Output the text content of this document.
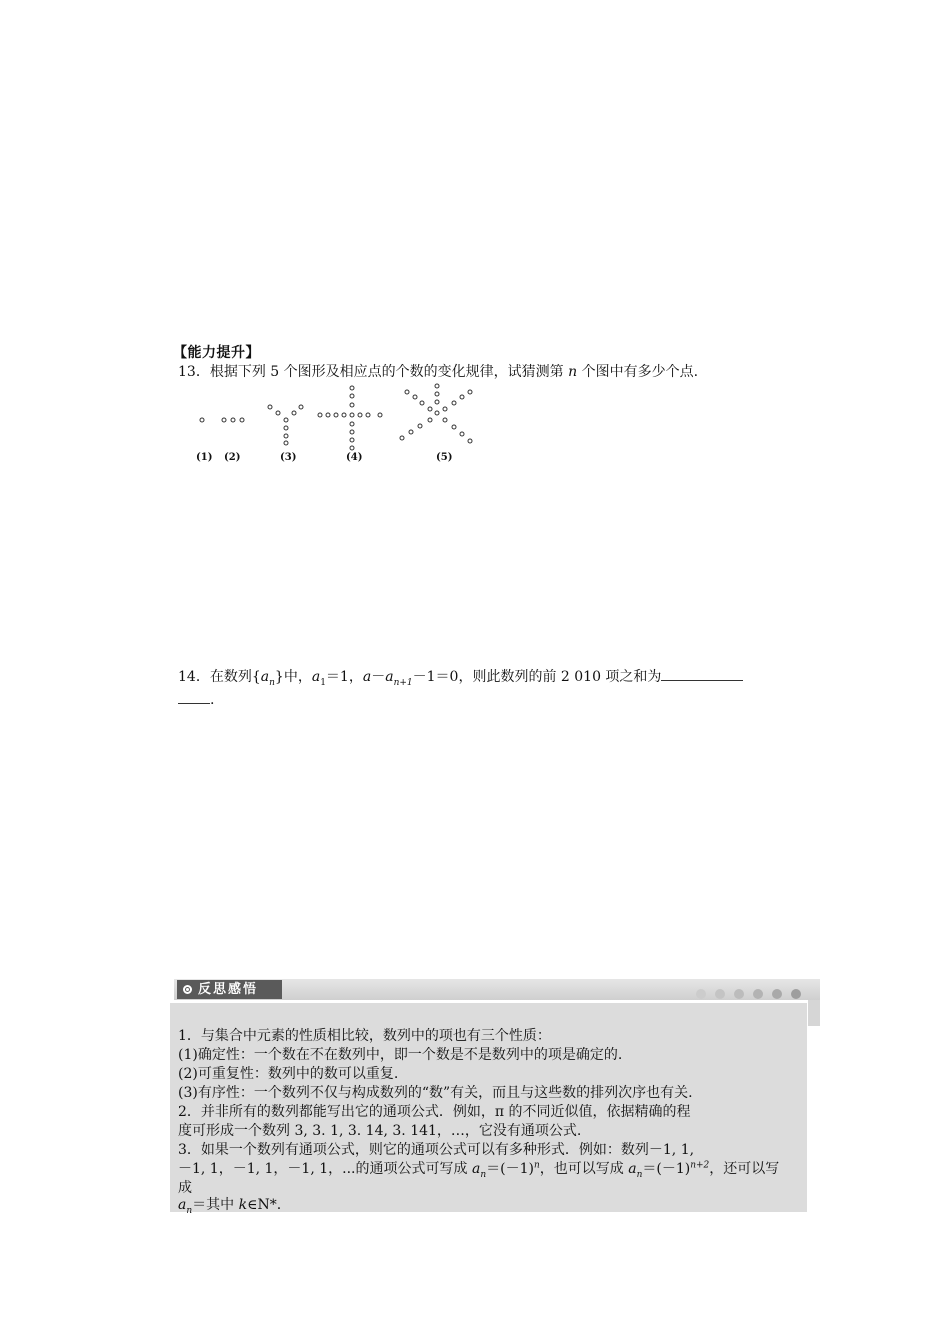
【能力提升】
13．根据下列 5 个图形及相应点的个数的变化规律，试猜测第 n 个图中有多少个点.
(1) (2)	(3)	(4)	(5)
14．在数列$\{a_n\}$中，$a_1=1$，$a-a_{n+1}-1=0$，则此数列的前 2 010 项之和为
.
反思感悟
1．与集合中元素的性质相比较，数列中的项也有三个性质：
(1)确定性：一个数在不在数列中，即一个数是不是数列中的项是确定的.
(2)可重复性：数列中的数可以重复.
(3)有序性：一个数列不仅与构成数列的“数”有关，而且与这些数的排列次序也有关.
2．并非所有的数列都能写出它的通项公式．例如，π 的不同近似值，依据精确的程
度可形成一个数列 3, 3. 1, 3. 14, 3. 141，…，它没有通项公式.
3．如果一个数列有通项公式，则它的通项公式可以有多种形式．例如：数列－1, 1,
－1, 1，－1, 1，－1, 1，...的通项公式可写成 $a_n=(-1)^n$，也可以写成 $a_n=(-1)^{n+2}$，还可以写
成
$a_n=$其中 k∈N*.
